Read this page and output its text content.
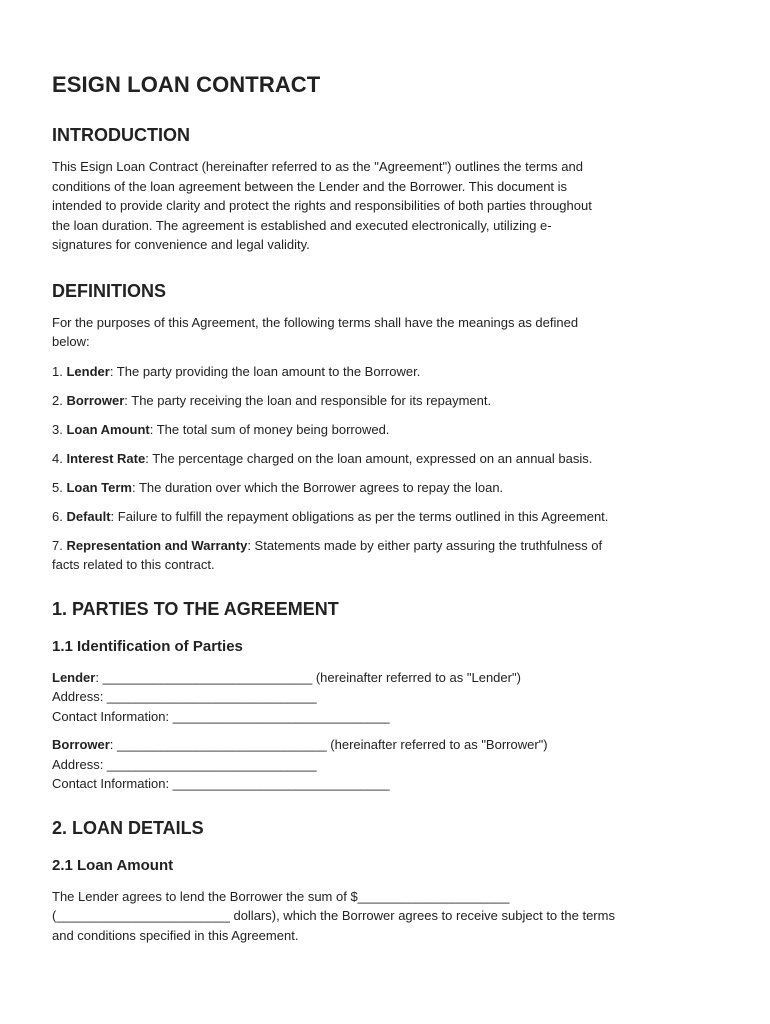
ESIGN LOAN CONTRACT
INTRODUCTION

This Esign Loan Contract (hereinafter referred to as the "Agreement") outlines the terms and
conditions of the loan agreement between the Lender and the Borrower. This document is
intended to provide clarity and protect the rights and responsibilities of both parties throughout
the loan duration. The agreement is established and executed electronically, utilizing e-
signatures for convenience and legal validity.

DEFINITIONS

For the purposes of this Agreement, the following terms shall have the meanings as defined
below:

1. Lender: The party providing the loan amount to the Borrower.

2. Borrower: The party receiving the loan and responsible for its repayment.

3. Loan Amount: The total sum of money being borrowed.

4. Interest Rate: The percentage charged on the loan amount, expressed on an annual basis.

5. Loan Term: The duration over which the Borrower agrees to repay the loan.

6. Default: Failure to fulfill the repayment obligations as per the terms outlined in this Agreement.

7. Representation and Warranty: Statements made by either party assuring the truthfulness of
facts related to this contract.

1. PARTIES TO THE AGREEMENT
1.1 Identification of Parties

Lender: _____________________________ (hereinafter referred to as "Lender")
Address: _____________________________
Contact Information: ______________________________

Borrower: _____________________________ (hereinafter referred to as "Borrower")
Address: _____________________________
Contact Information: ______________________________

2. LOAN DETAILS
2.1 Loan Amount

The Lender agrees to lend the Borrower the sum of $_____________________
(________________________ dollars), which the Borrower agrees to receive subject to the terms
and conditions specified in this Agreement.
